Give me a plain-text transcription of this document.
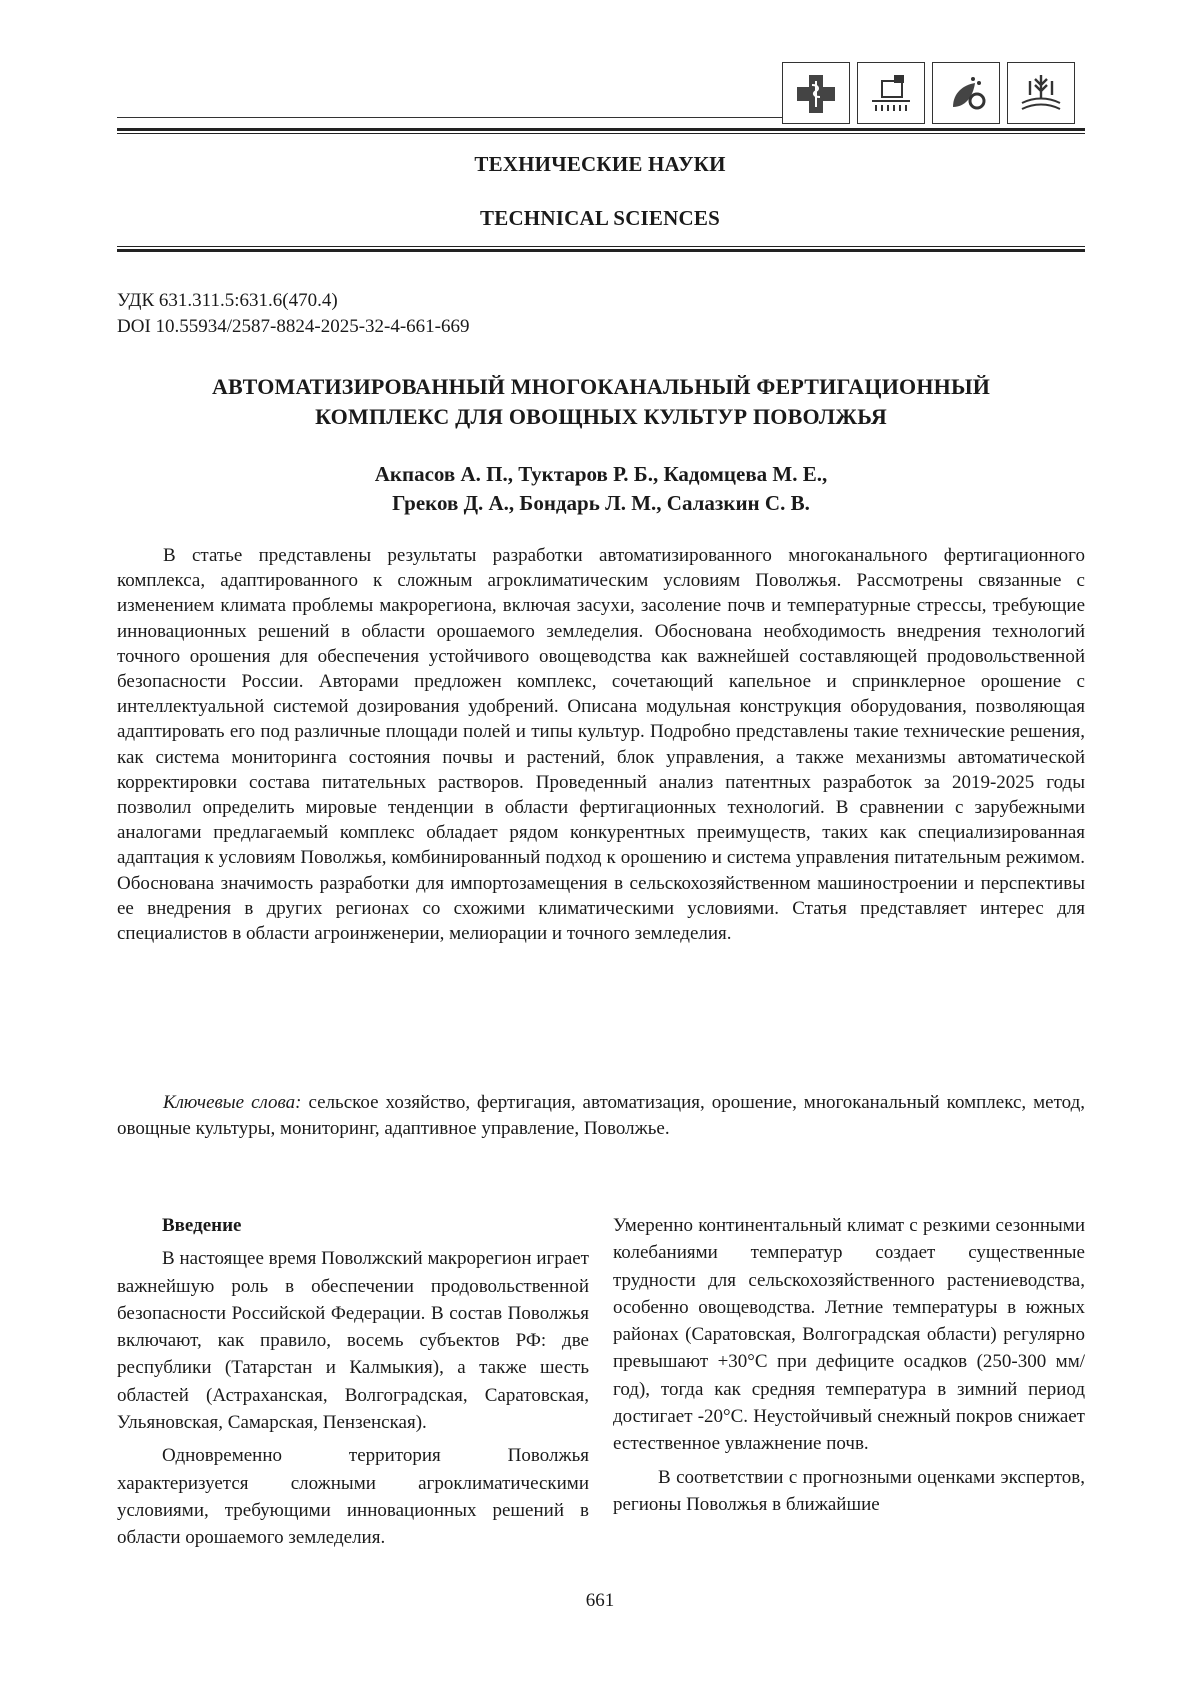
ТЕХНИЧЕСКИЕ НАУКИ
TECHNICAL SCIENCES
УДК 631.311.5:631.6(470.4)
DOI 10.55934/2587-8824-2025-32-4-661-669
АВТОМАТИЗИРОВАННЫЙ МНОГОКАНАЛЬНЫЙ ФЕРТИГАЦИОННЫЙ
КОМПЛЕКС ДЛЯ ОВОЩНЫХ КУЛЬТУР ПОВОЛЖЬЯ
Акпасов А. П., Туктаров Р. Б., Кадомцева М. Е.,
Греков Д. А., Бондарь Л. М., Салазкин С. В.

В статье представлены результаты разработки автоматизированного многоканального фертигационного комплекса, адаптированного к сложным агроклиматическим условиям Поволжья. Рассмотрены связанные с изменением климата проблемы макрорегиона, включая засухи, засоление почв и температурные стрессы, требующие инновационных решений в области орошаемого земледелия. Обоснована необходимость внедрения технологий точного орошения для обеспечения устойчивого овощеводства как важнейшей составляющей продовольственной безопасности России. Авторами предложен комплекс, сочетающий капельное и спринклерное орошение с интеллектуальной системой дозирования удобрений. Описана модульная конструкция оборудования, позволяющая адаптировать его под различные площади полей и типы культур. Подробно представлены такие технические решения, как система мониторинга состояния почвы и растений, блок управления, а также механизмы автоматической корректировки состава питательных растворов. Проведенный анализ патентных разработок за 2019-2025 годы позволил определить мировые тенденции в области фертигационных технологий. В сравнении с зарубежными аналогами предлагаемый комплекс обладает рядом конкурентных преимуществ, таких как специализированная адаптация к условиям Поволжья, комбинированный подход к орошению и система управления питательным режимом. Обоснована значимость разработки для импортозамещения в сельскохозяйственном машиностроении и перспективы ее внедрения в других регионах со схожими климатическими условиями. Статья представляет интерес для специалистов в области агроинженерии, мелиорации и точного земледелия.

Ключевые слова: сельское хозяйство, фертигация, автоматизация, орошение, многоканальный комплекс, метод, овощные культуры, мониторинг, адаптивное управление, Поволжье.

Введение

В настоящее время Поволжский макрорегион играет важнейшую роль в обеспечении продовольственной безопасности Российской Федерации. В состав Поволжья включают, как правило, восемь субъектов РФ: две республики (Татарстан и Калмыкия), а также шесть областей (Астраханская, Волгоградская, Саратовская, Ульяновская, Самарская, Пензенская).

Одновременно территория Поволжья характеризуется сложными агроклиматическими условиями, требующими инновационных решений в области орошаемого земледелия.

Умеренно континентальный климат с резкими сезонными колебаниями температур создает существенные трудности для сельскохозяйственного растениеводства, особенно овощеводства. Летние температуры в южных районах (Саратовская, Волгоградская области) регулярно превышают +30°C при дефиците осадков (250-300 мм/год), тогда как средняя температура в зимний период достигает -20°C. Неустойчивый снежный покров снижает естественное увлажнение почв.

В соответствии с прогнозными оценками экспертов, регионы Поволжья в ближайшие

661
